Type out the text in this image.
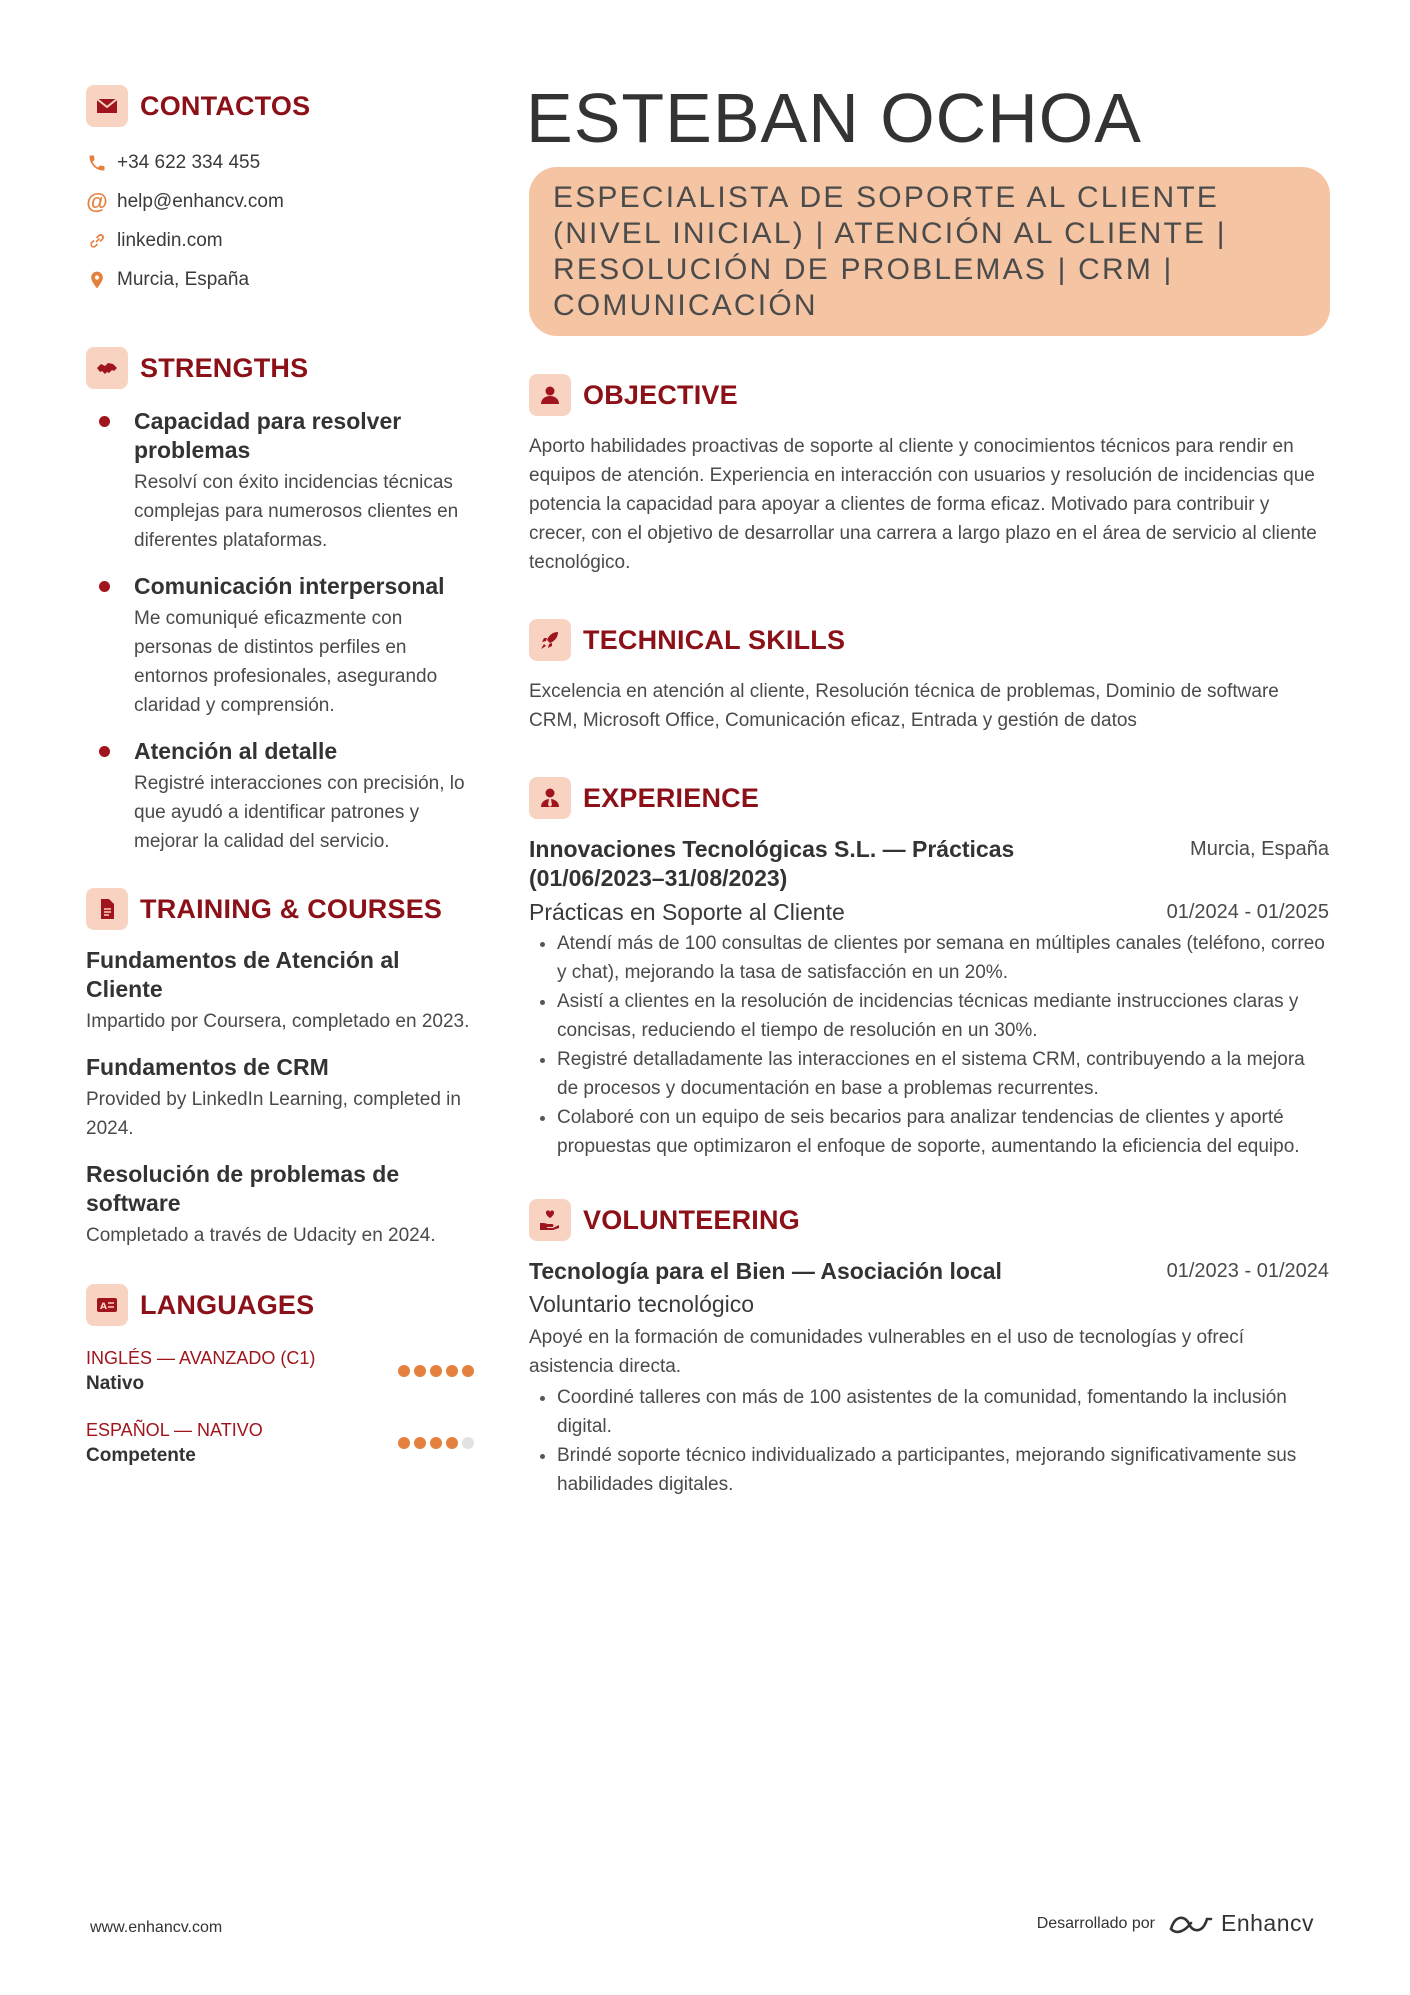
CONTACTOS
+34 622 334 455
@ help@enhancv.com
linkedin.com
Murcia, España
STRENGTHS
Capacidad para resolver problemas
Resolví con éxito incidencias técnicas complejas para numerosos clientes en diferentes plataformas.
Comunicación interpersonal
Me comuniqué eficazmente con personas de distintos perfiles en entornos profesionales, asegurando claridad y comprensión.
Atención al detalle
Registré interacciones con precisión, lo que ayudó a identificar patrones y mejorar la calidad del servicio.
TRAINING & COURSES
Fundamentos de Atención al Cliente
Impartido por Coursera, completado en 2023.
Fundamentos de CRM
Provided by LinkedIn Learning, completed in 2024.
Resolución de problemas de software
Completado a través de Udacity en 2024.
A LANGUAGES
INGLÉS — AVANZADO (C1)
Nativo
ESPAÑOL — NATIVO
Competente
ESTEBAN OCHOA
ESPECIALISTA DE SOPORTE AL CLIENTE (NIVEL INICIAL) | ATENCIÓN AL CLIENTE | RESOLUCIÓN DE PROBLEMAS | CRM | COMUNICACIÓN
OBJECTIVE
Aporto habilidades proactivas de soporte al cliente y conocimientos técnicos para rendir en equipos de atención. Experiencia en interacción con usuarios y resolución de incidencias que potencia la capacidad para apoyar a clientes de forma eficaz. Motivado para contribuir y crecer, con el objetivo de desarrollar una carrera a largo plazo en el área de servicio al cliente tecnológico.
TECHNICAL SKILLS
Excelencia en atención al cliente, Resolución técnica de problemas, Dominio de software CRM, Microsoft Office, Comunicación eficaz, Entrada y gestión de datos
EXPERIENCE
Innovaciones Tecnológicas S.L. — Prácticas (01/06/2023–31/08/2023)
Murcia, España
Prácticas en Soporte al Cliente	01/2024 - 01/2025
• Atendí más de 100 consultas de clientes por semana en múltiples canales (teléfono, correo y chat), mejorando la tasa de satisfacción en un 20%.
• Asistí a clientes en la resolución de incidencias técnicas mediante instrucciones claras y concisas, reduciendo el tiempo de resolución en un 30%.
• Registré detalladamente las interacciones en el sistema CRM, contribuyendo a la mejora de procesos y documentación en base a problemas recurrentes.
• Colaboré con un equipo de seis becarios para analizar tendencias de clientes y aporté propuestas que optimizaron el enfoque de soporte, aumentando la eficiencia del equipo.
VOLUNTEERING
Tecnología para el Bien — Asociación local	01/2023 - 01/2024
Voluntario tecnológico
Apoyé en la formación de comunidades vulnerables en el uso de tecnologías y ofrecí asistencia directa.
• Coordiné talleres con más de 100 asistentes de la comunidad, fomentando la inclusión digital.
• Brindé soporte técnico individualizado a participantes, mejorando significativamente sus habilidades digitales.
www.enhancv.com	Desarrollado por	Enhancv
